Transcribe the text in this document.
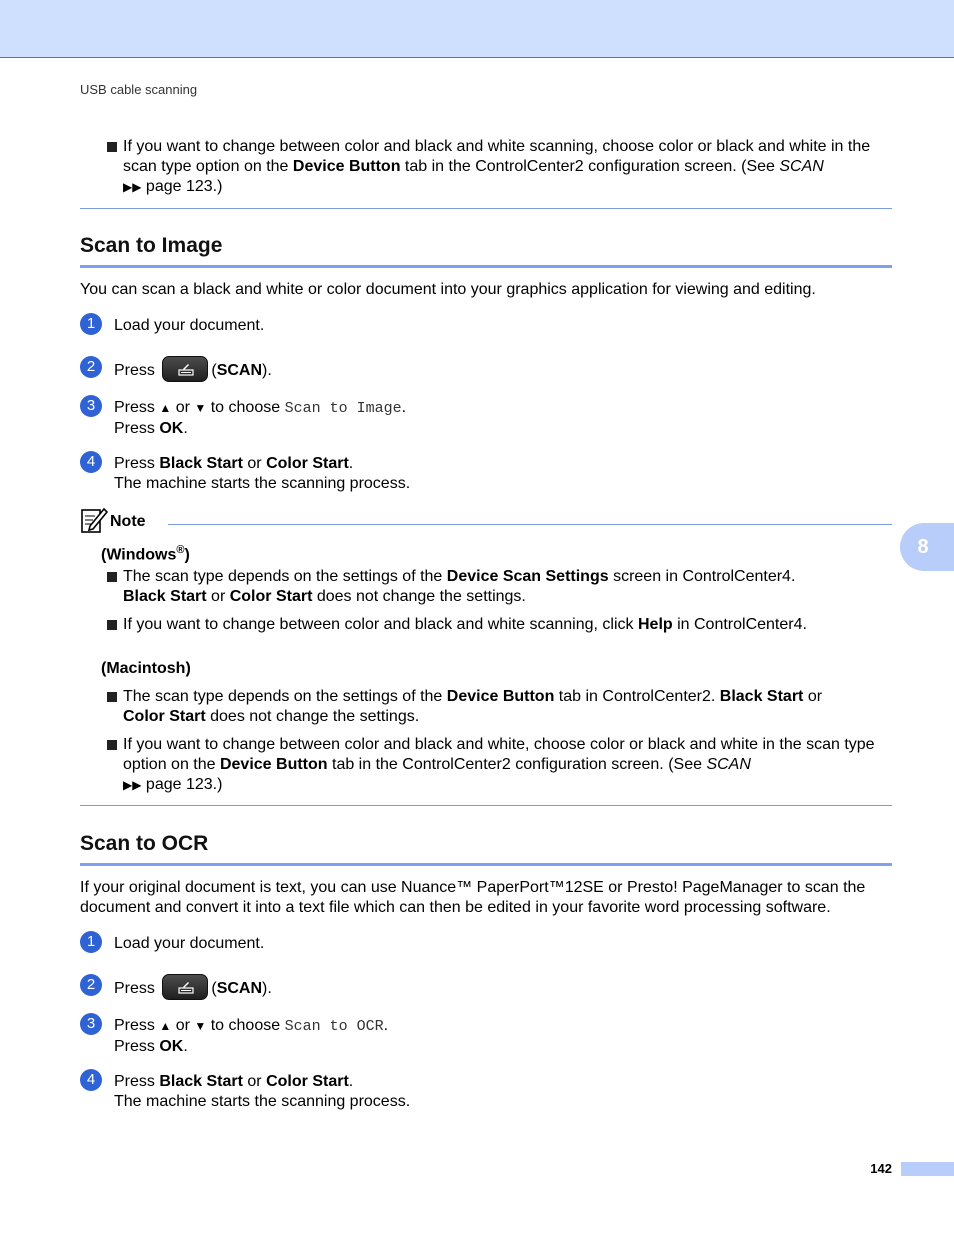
USB cable scanning
If you want to change between color and black and white scanning, choose color or black and white in the scan type option on the Device Button tab in the ControlCenter2 configuration screen. (See SCAN
▶▶ page 123.)
Scan to Image
You can scan a black and white or color document into your graphics application for viewing and editing.
1	Load your document.
2	Press	(SCAN).
3	Press ▲ or ▼ to choose Scan to Image.
Press OK.
4	Press Black Start or Color Start.
The machine starts the scanning process.
Note
(Windows®)
The scan type depends on the settings of the Device Scan Settings screen in ControlCenter4.
Black Start or Color Start does not change the settings.
If you want to change between color and black and white scanning, click Help in ControlCenter4.
(Macintosh)
The scan type depends on the settings of the Device Button tab in ControlCenter2. Black Start or
Color Start does not change the settings.
If you want to change between color and black and white, choose color or black and white in the scan type option on the Device Button tab in the ControlCenter2 configuration screen. (See SCAN
▶▶ page 123.)
Scan to OCR
If your original document is text, you can use Nuance™ PaperPort™12SE or Presto! PageManager to scan the document and convert it into a text file which can then be edited in your favorite word processing software.
1	Load your document.
2	Press	(SCAN).
3	Press ▲ or ▼ to choose Scan to OCR.
Press OK.
4	Press Black Start or Color Start.
The machine starts the scanning process.
8
142
